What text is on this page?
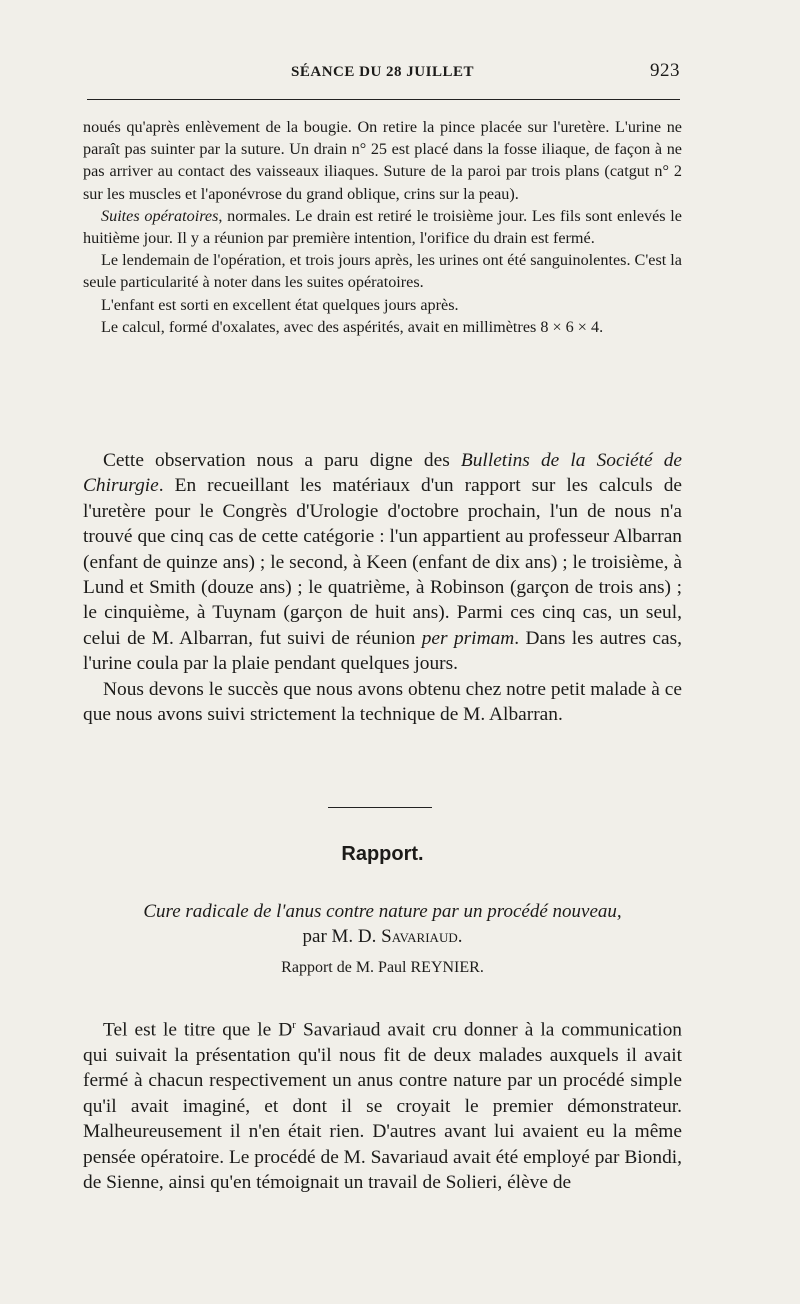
SÉANCE DU 28 JUILLET	923

noués qu'après enlèvement de la bougie. On retire la pince placée sur l'uretère. L'urine ne paraît pas suinter par la suture. Un drain n° 25 est placé dans la fosse iliaque, de façon à ne pas arriver au contact des vaisseaux iliaques. Suture de la paroi par trois plans (catgut n° 2 sur les muscles et l'aponévrose du grand oblique, crins sur la peau).

Suites opératoires, normales. Le drain est retiré le troisième jour. Les fils sont enlevés le huitième jour. Il y a réunion par première intention, l'orifice du drain est fermé.

Le lendemain de l'opération, et trois jours après, les urines ont été sanguinolentes. C'est la seule particularité à noter dans les suites opératoires.

L'enfant est sorti en excellent état quelques jours après.

Le calcul, formé d'oxalates, avec des aspérités, avait en millimètres 8 × 6 × 4.

Cette observation nous a paru digne des Bulletins de la Société de Chirurgie. En recueillant les matériaux d'un rapport sur les calculs de l'uretère pour le Congrès d'Urologie d'octobre prochain, l'un de nous n'a trouvé que cinq cas de cette catégorie : l'un appartient au professeur Albarran (enfant de quinze ans) ; le second, à Keen (enfant de dix ans) ; le troisième, à Lund et Smith (douze ans) ; le quatrième, à Robinson (garçon de trois ans) ; le cinquième, à Tuynam (garçon de huit ans). Parmi ces cinq cas, un seul, celui de M. Albarran, fut suivi de réunion per primam. Dans les autres cas, l'urine coula par la plaie pendant quelques jours.

Nous devons le succès que nous avons obtenu chez notre petit malade à ce que nous avons suivi strictement la technique de M. Albarran.

Rapport.
Cure radicale de l'anus contre nature par un procédé nouveau,
par M. D. Savariaud.
Rapport de M. Paul REYNIER.

Tel est le titre que le $D^r$ Savariaud avait cru donner à la communication qui suivait la présentation qu'il nous fit de deux malades auxquels il avait fermé à chacun respectivement un anus contre nature par un procédé simple qu'il avait imaginé, et dont il se croyait le premier démonstrateur. Malheureusement il n'en était rien. D'autres avant lui avaient eu la même pensée opératoire. Le procédé de M. Savariaud avait été employé par Biondi, de Sienne, ainsi qu'en témoignait un travail de Solieri, élève de
